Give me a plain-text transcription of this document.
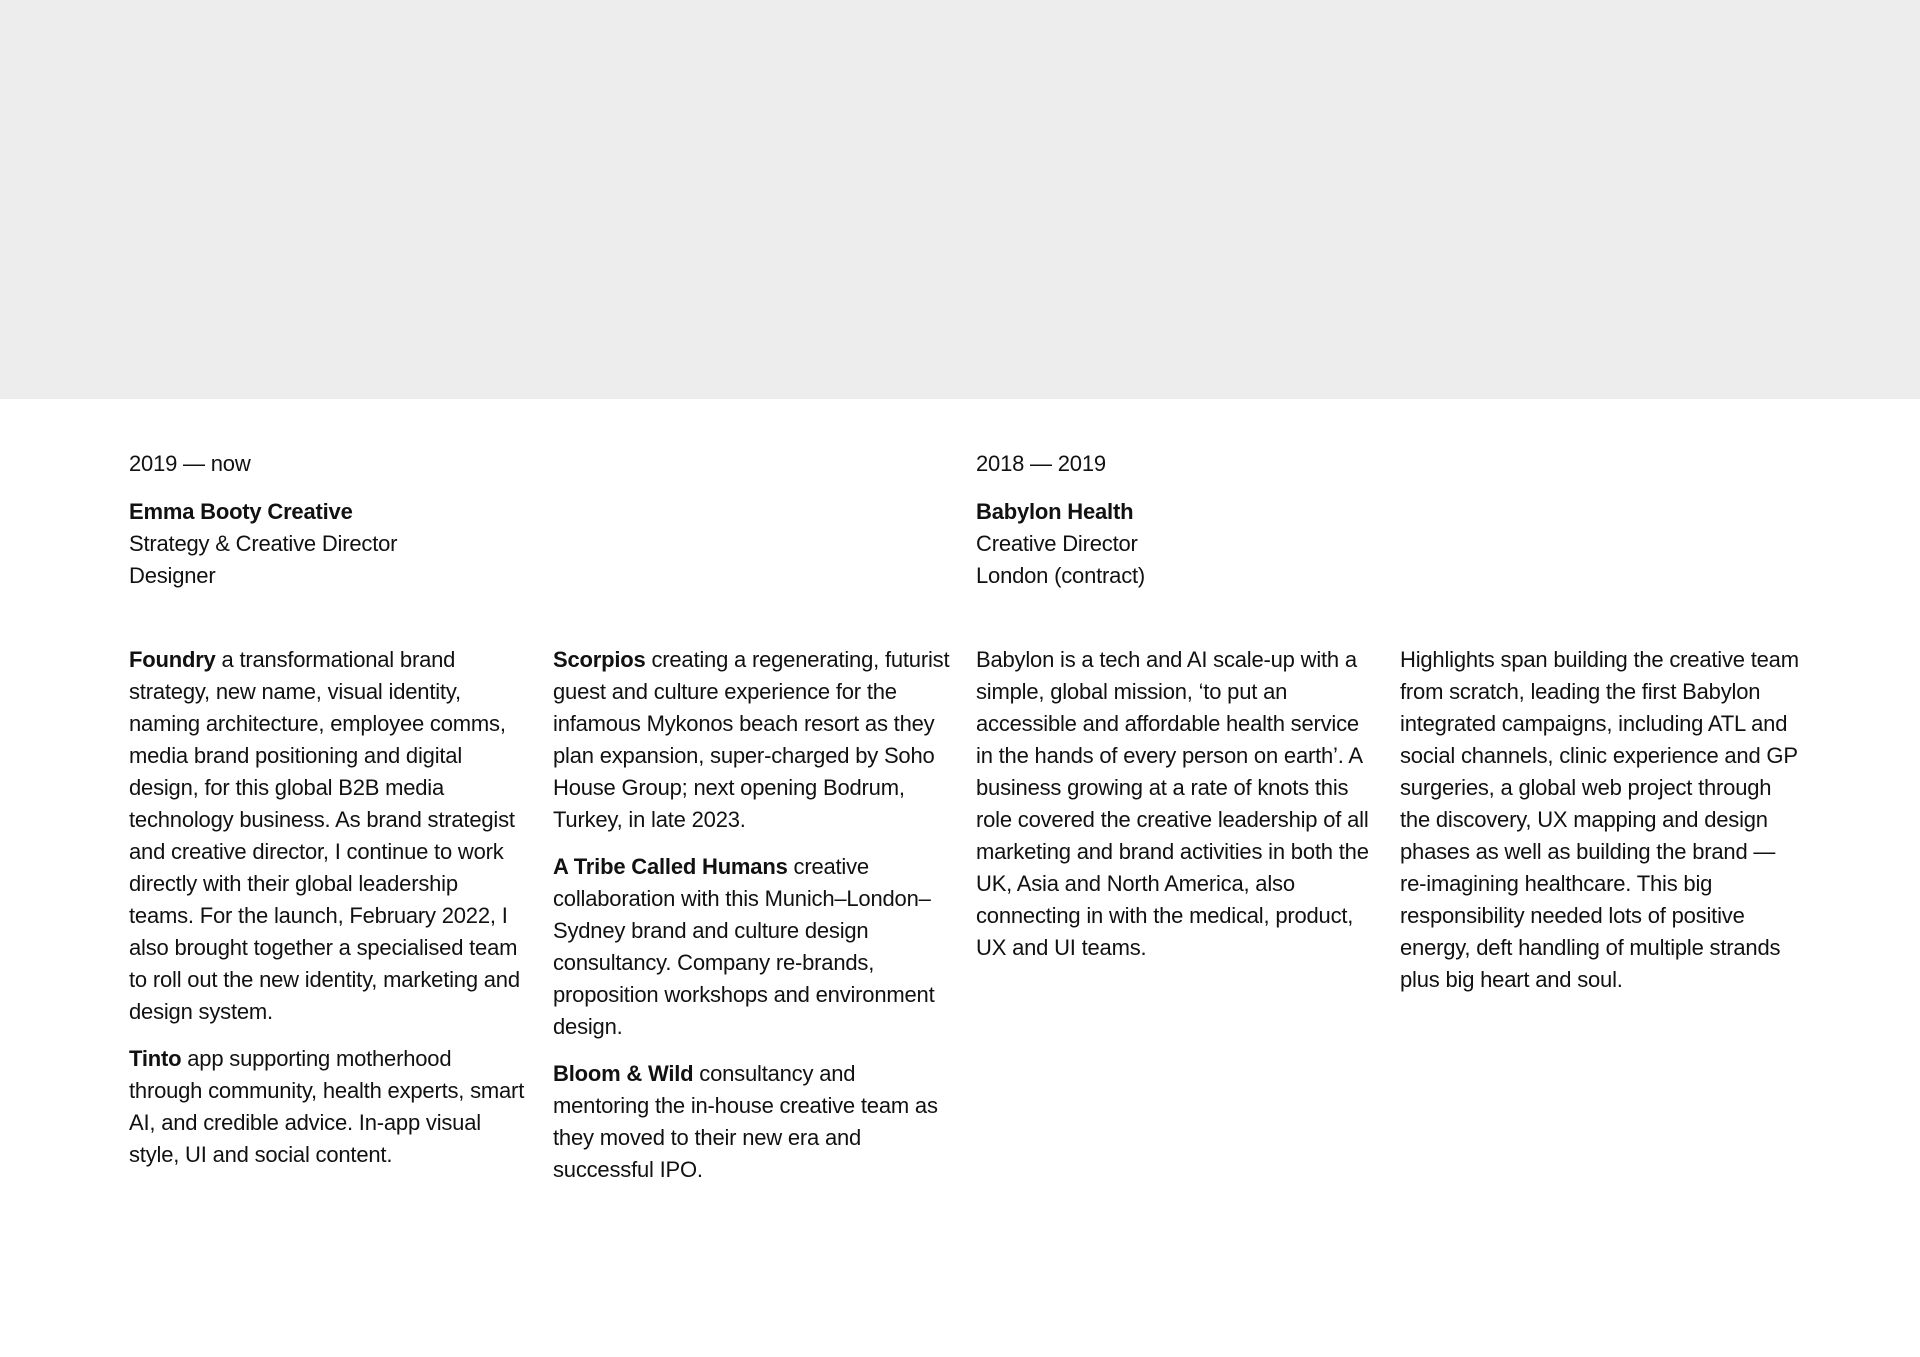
2019 — now

Emma Booty Creative

Strategy & Creative Director

Designer

2018 — 2019

Babylon Health

Creative Director

London (contract)

Foundry a transformational brand strategy, new name, visual identity, naming architecture, employee comms, media brand positioning and digital design, for this global B2B media technology business. As brand strategist and creative director, I continue to work directly with their global leadership teams. For the launch, February 2022, I also brought together a specialised team to roll out the new identity, marketing and design system.

Tinto app supporting motherhood through community, health experts, smart AI, and credible advice. In-app visual style, UI and social content.

Scorpios creating a regenerating, futurist guest and culture experience for the infamous Mykonos beach resort as they plan expansion, super-charged by Soho House Group; next opening Bodrum, Turkey, in late 2023.

A Tribe Called Humans creative collaboration with this Munich–London–Sydney brand and culture design consultancy. Company re-brands, proposition workshops and environment design.

Bloom & Wild consultancy and mentoring the in-house creative team as they moved to their new era and successful IPO.

Babylon is a tech and AI scale-up with a simple, global mission, ‘to put an accessible and affordable health service in the hands of every person on earth’. A business growing at a rate of knots this role covered the creative leadership of all marketing and brand activities in both the UK, Asia and North America, also connecting in with the medical, product, UX and UI teams.

Highlights span building the creative team from scratch, leading the first Babylon integrated campaigns, including ATL and social channels, clinic experience and GP surgeries, a global web project through the discovery, UX mapping and design phases as well as building the brand — re-imagining healthcare. This big responsibility needed lots of positive energy, deft handling of multiple strands plus big heart and soul.
